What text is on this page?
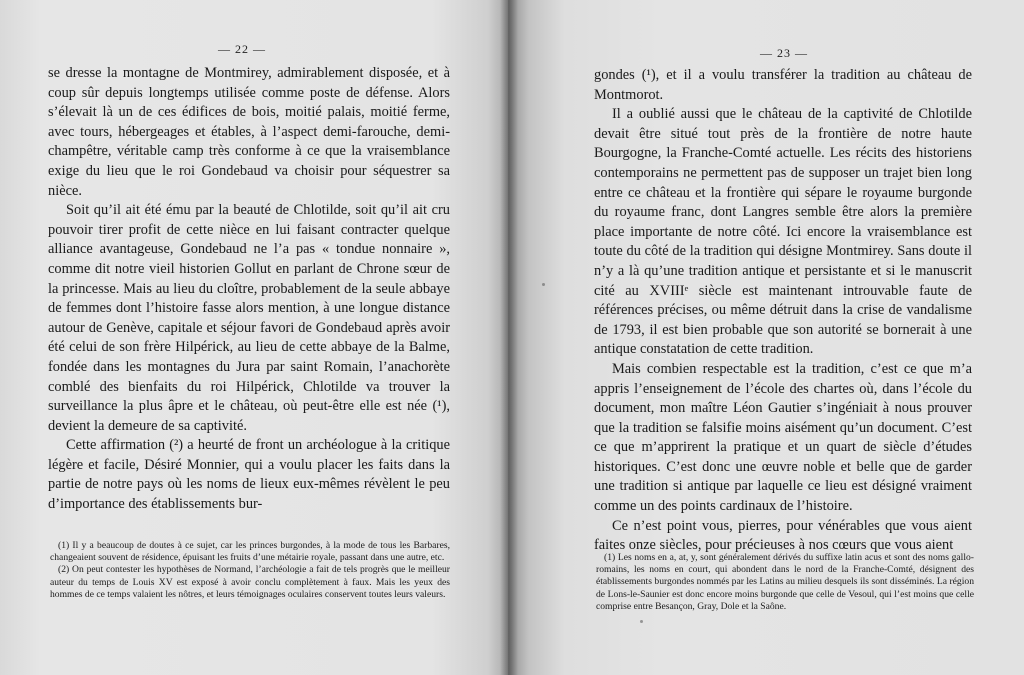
— 22 —

se dresse la montagne de Montmirey, admirablement disposée, et à coup sûr depuis longtemps utilisée comme poste de défense. Alors s’élevait là un de ces édifices de bois, moitié palais, moitié ferme, avec tours, hébergeages et étables, à l’aspect demi-farouche, demi-champêtre, véritable camp très conforme à ce que la vraisemblance exige du lieu que le roi Gondebaud va choisir pour séquestrer sa nièce.

Soit qu’il ait été ému par la beauté de Chlotilde, soit qu’il ait cru pouvoir tirer profit de cette nièce en lui faisant contracter quelque alliance avantageuse, Gondebaud ne l’a pas « tondue nonnaire », comme dit notre vieil historien Gollut en parlant de Chrone sœur de la princesse. Mais au lieu du cloître, probablement de la seule abbaye de femmes dont l’histoire fasse alors mention, à une longue distance autour de Genève, capitale et séjour favori de Gondebaud après avoir été celui de son frère Hilpérick, au lieu de cette abbaye de la Balme, fondée dans les montagnes du Jura par saint Romain, l’anachorète comblé des bienfaits du roi Hilpérick, Chlotilde va trouver la surveillance la plus âpre et le château, où peut-être elle est née (¹), devient la demeure de sa captivité.

Cette affirmation (²) a heurté de front un archéologue à la critique légère et facile, Désiré Monnier, qui a voulu placer les faits dans la partie de notre pays où les noms de lieux eux-mêmes révèlent le peu d’importance des établissements bur-

(1) Il y a beaucoup de doutes à ce sujet, car les princes burgondes, à la mode de tous les Barbares, changeaient souvent de résidence, épuisant les fruits d’une métairie royale, passant dans une autre, etc.

(2) On peut contester les hypothèses de Normand, l’archéologie a fait de tels progrès que le meilleur auteur du temps de Louis XV est exposé à avoir conclu complètement à faux. Mais les yeux des hommes de ce temps valaient les nôtres, et leurs témoignages oculaires conservent toutes leurs valeurs.

— 23 —

gondes (¹), et il a voulu transférer la tradition au château de Montmorot.

Il a oublié aussi que le château de la captivité de Chlotilde devait être situé tout près de la frontière de notre haute Bourgogne, la Franche-Comté actuelle. Les récits des historiens contemporains ne permettent pas de supposer un trajet bien long entre ce château et la frontière qui sépare le royaume burgonde du royaume franc, dont Langres semble être alors la première place importante de notre côté. Ici encore la vraisemblance est toute du côté de la tradition qui désigne Montmirey. Sans doute il n’y a là qu’une tradition antique et persistante et si le manuscrit cité au XVIIIᵉ siècle est maintenant introuvable faute de références précises, ou même détruit dans la crise de vandalisme de 1793, il est bien probable que son autorité se bornerait à une antique constatation de cette tradition.

Mais combien respectable est la tradition, c’est ce que m’a appris l’enseignement de l’école des chartes où, dans l’école du document, mon maître Léon Gautier s’ingéniait à nous prouver que la tradition se falsifie moins aisément qu’un document. C’est ce que m’apprirent la pratique et un quart de siècle d’études historiques. C’est donc une œuvre noble et belle que de garder une tradition si antique par laquelle ce lieu est désigné vraiment comme un des points cardinaux de l’histoire.

Ce n’est point vous, pierres, pour vénérables que vous aient faites onze siècles, pour précieuses à nos cœurs que vous aient

(1) Les noms en a, at, y, sont généralement dérivés du suffixe latin acus et sont des noms gallo-romains, les noms en court, qui abondent dans le nord de la Franche-Comté, désignent des établissements burgondes nommés par les Latins au milieu desquels ils sont disséminés. La région de Lons-le-Saunier est donc encore moins burgonde que celle de Vesoul, qui l’est moins que celle comprise entre Besançon, Gray, Dole et la Saône.
